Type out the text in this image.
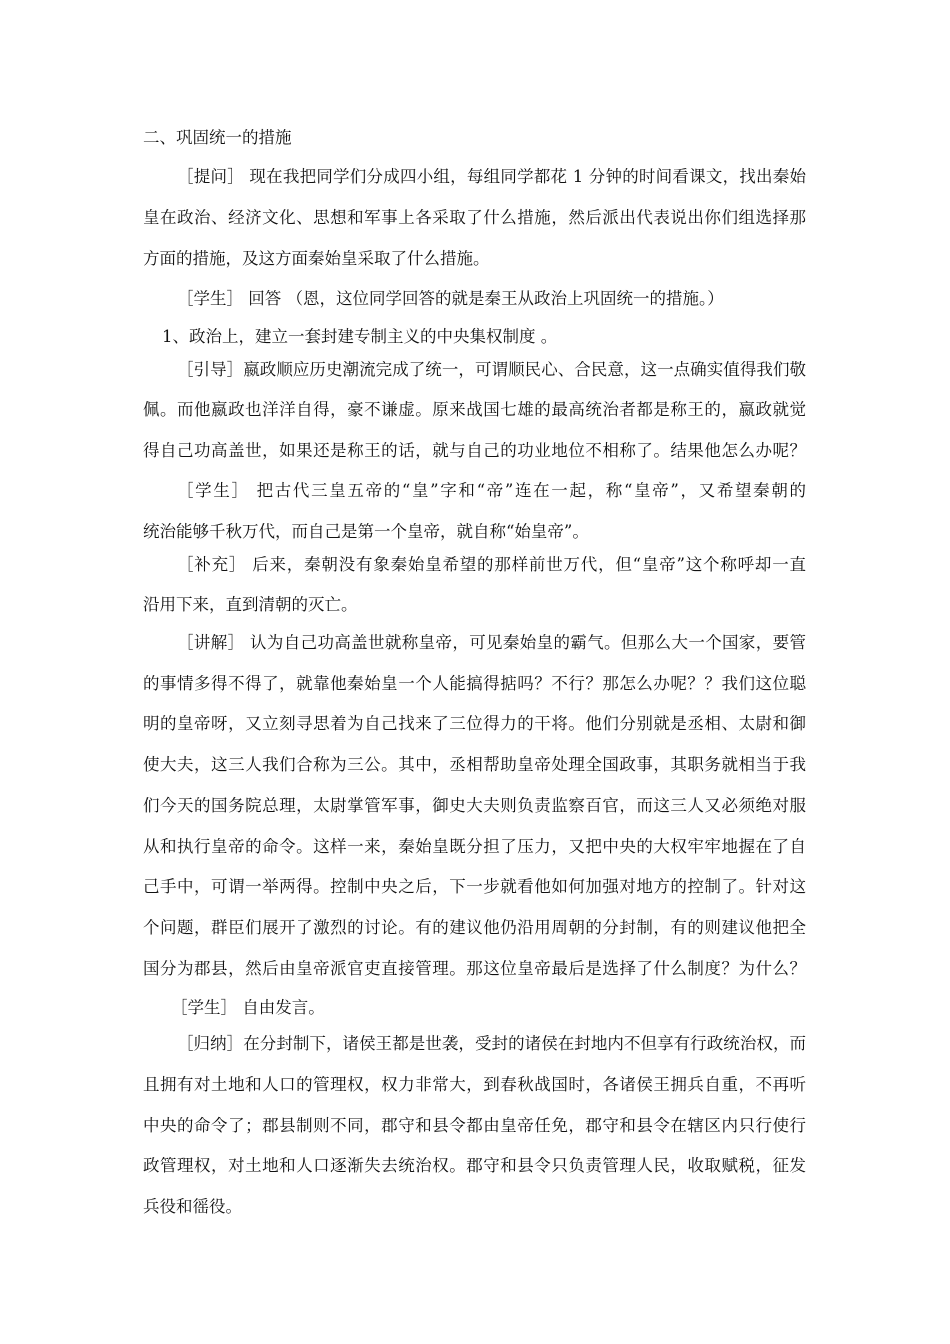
二、巩固统一的措施
［提问］ 现在我把同学们分成四小组，每组同学都花 1 分钟的时间看课文，找出秦始
皇在政治、经济文化、思想和军事上各采取了什么措施，然后派出代表说出你们组选择那
方面的措施，及这方面秦始皇采取了什么措施。
［学生］ 回答 （恩，这位同学回答的就是秦王从政治上巩固统一的措施。）
1、政治上，建立一套封建专制主义的中央集权制度 。
［引导］嬴政顺应历史潮流完成了统一，可谓顺民心、合民意，这一点确实值得我们敬
佩。而他嬴政也洋洋自得，豪不谦虚。原来战国七雄的最高统治者都是称王的，嬴政就觉
得自己功高盖世，如果还是称王的话，就与自己的功业地位不相称了。结果他怎么办呢？
［学生］ 把古代三皇五帝的“皇”字和“帝”连在一起，称“皇帝”，又希望秦朝的
统治能够千秋万代，而自己是第一个皇帝，就自称“始皇帝”。
［补充］ 后来，秦朝没有象秦始皇希望的那样前世万代，但“皇帝”这个称呼却一直
沿用下来，直到清朝的灭亡。
［讲解］ 认为自己功高盖世就称皇帝，可见秦始皇的霸气。但那么大一个国家，要管
的事情多得不得了，就靠他秦始皇一个人能搞得掂吗？不行？那怎么办呢？？我们这位聪
明的皇帝呀，又立刻寻思着为自己找来了三位得力的干将。他们分别就是丞相、太尉和御
使大夫，这三人我们合称为三公。其中，丞相帮助皇帝处理全国政事，其职务就相当于我
们今天的国务院总理，太尉掌管军事，御史大夫则负责监察百官，而这三人又必须绝对服
从和执行皇帝的命令。这样一来，秦始皇既分担了压力，又把中央的大权牢牢地握在了自
己手中，可谓一举两得。控制中央之后，下一步就看他如何加强对地方的控制了。针对这
个问题，群臣们展开了激烈的讨论。有的建议他仍沿用周朝的分封制，有的则建议他把全
国分为郡县，然后由皇帝派官吏直接管理。那这位皇帝最后是选择了什么制度？为什么？
［学生］ 自由发言。
［归纳］在分封制下，诸侯王都是世袭，受封的诸侯在封地内不但享有行政统治权，而
且拥有对土地和人口的管理权，权力非常大，到春秋战国时，各诸侯王拥兵自重，不再听
中央的命令了；郡县制则不同，郡守和县令都由皇帝任免，郡守和县令在辖区内只行使行
政管理权，对土地和人口逐渐失去统治权。郡守和县令只负责管理人民，收取赋税，征发
兵役和徭役。
